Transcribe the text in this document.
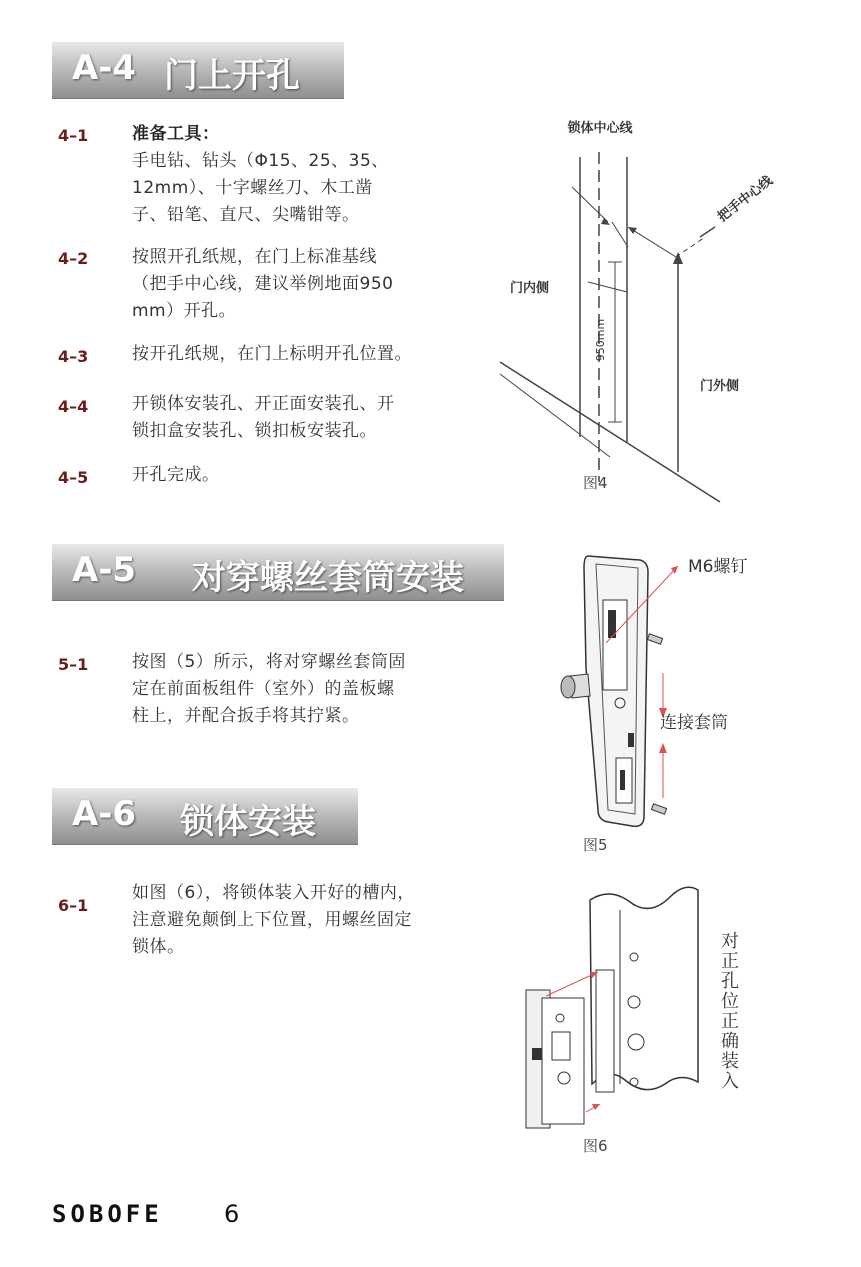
A-4 门上开孔
4–1	准备工具：
手电钻、钻头（Φ15、25、35、
12mm）、十字螺丝刀、木工凿
子、铅笔、直尺、尖嘴钳等。
4–2	按照开孔纸规，在门上标准基线
（把手中心线，建议举例地面950
mm）开孔。
4–3	按开孔纸规，在门上标明开孔位置。
4–4	开锁体安装孔、开正面安装孔、开
锁扣盒安装孔、锁扣板安装孔。
4–5	开孔完成。
950mm
锁体中心线
把手中心线
门内侧
门外侧
图4
A-5 对穿螺丝套筒安装
5–1	按图（5）所示，将对穿螺丝套筒固
定在前面板组件（室外）的盖板螺
柱上，并配合扳手将其拧紧。
M6螺钉
连接套筒
图5
A-6 锁体安装
6–1
如图（6），将锁体装入开好的槽内，
注意避免颠倒上下位置，用螺丝固定
锁体。	对正孔位正确装入
图6
SOBOFE	6
